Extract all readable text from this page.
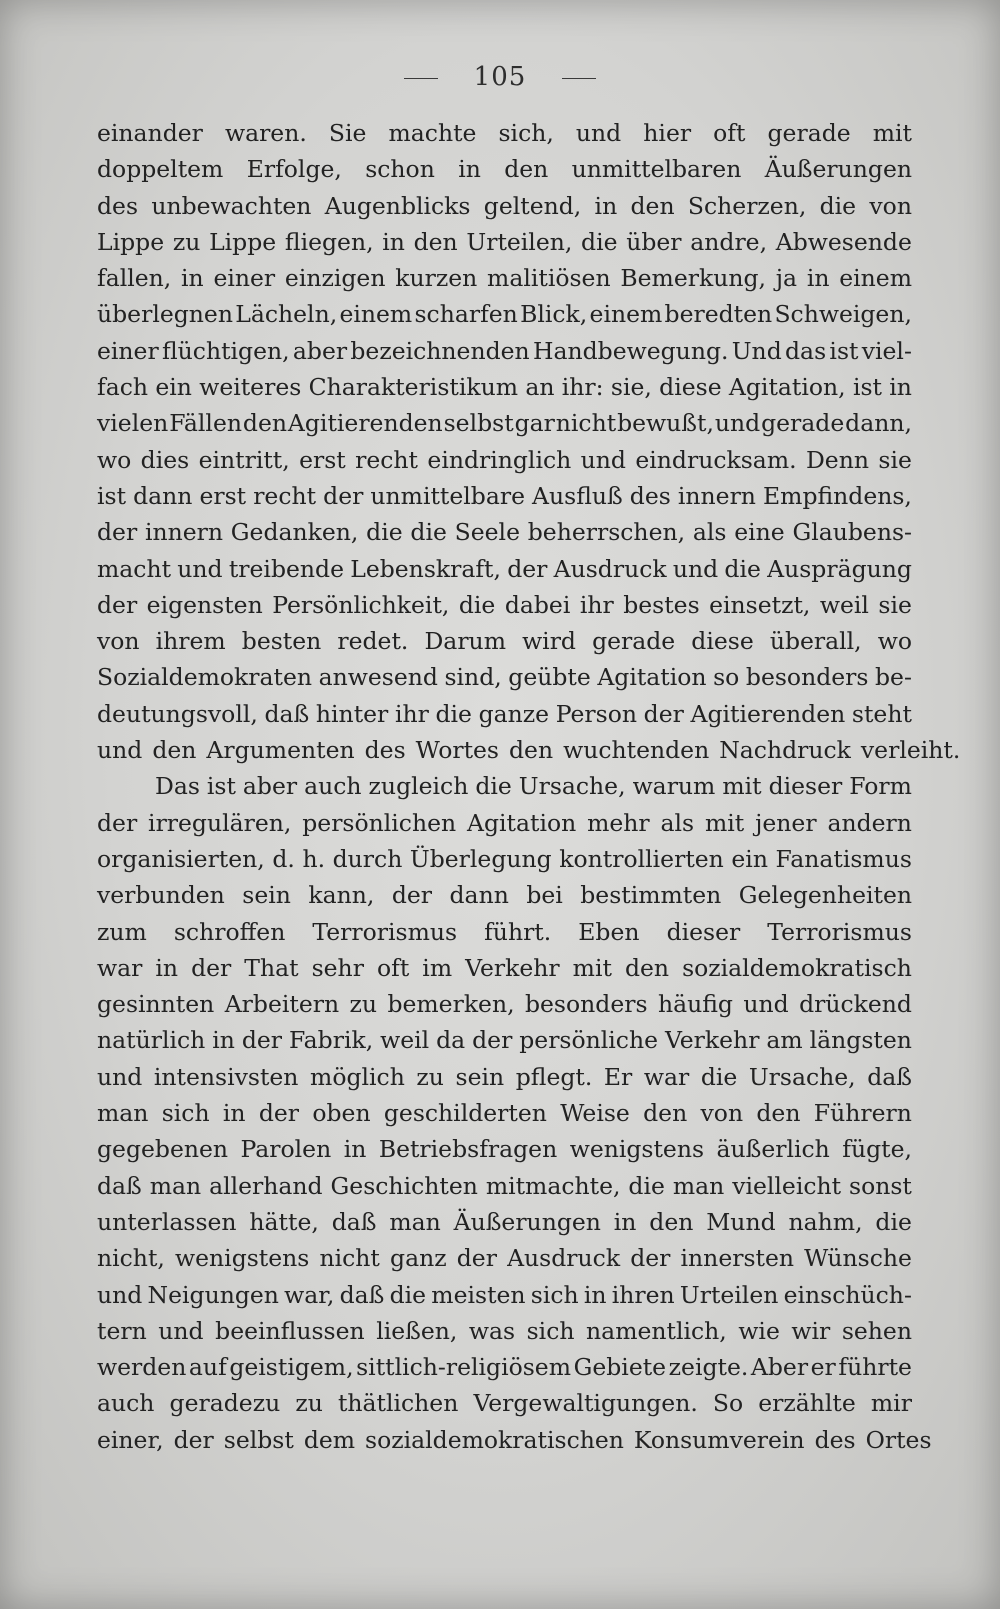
105
einander waren. Sie machte sich, und hier oft gerade mit
doppeltem Erfolge, schon in den unmittelbaren Äußerungen
des unbewachten Augenblicks geltend, in den Scherzen, die von
Lippe zu Lippe fliegen, in den Urteilen, die über andre, Abwesende
fallen, in einer einzigen kurzen malitiösen Bemerkung, ja in einem
überlegnen Lächeln, einem scharfen Blick, einem beredten Schweigen,
einer flüchtigen, aber bezeichnenden Handbewegung. Und das ist viel-
fach ein weiteres Charakteristikum an ihr: sie, diese Agitation, ist in
vielen Fällen den Agitierenden selbst gar nicht bewußt, und gerade dann,
wo dies eintritt, erst recht eindringlich und eindrucksam. Denn sie
ist dann erst recht der unmittelbare Ausfluß des innern Empfindens,
der innern Gedanken, die die Seele beherrschen, als eine Glaubens-
macht und treibende Lebenskraft, der Ausdruck und die Ausprägung
der eigensten Persönlichkeit, die dabei ihr bestes einsetzt, weil sie
von ihrem besten redet. Darum wird gerade diese überall, wo
Sozialdemokraten anwesend sind, geübte Agitation so besonders be-
deutungsvoll, daß hinter ihr die ganze Person der Agitierenden steht
und den Argumenten des Wortes den wuchtenden Nachdruck verleiht.
Das ist aber auch zugleich die Ursache, warum mit dieser Form
der irregulären, persönlichen Agitation mehr als mit jener andern
organisierten, d. h. durch Überlegung kontrollierten ein Fanatismus
verbunden sein kann, der dann bei bestimmten Gelegenheiten
zum schroffen Terrorismus führt. Eben dieser Terrorismus
war in der That sehr oft im Verkehr mit den sozialdemokratisch
gesinnten Arbeitern zu bemerken, besonders häufig und drückend
natürlich in der Fabrik, weil da der persönliche Verkehr am längsten
und intensivsten möglich zu sein pflegt. Er war die Ursache, daß
man sich in der oben geschilderten Weise den von den Führern
gegebenen Parolen in Betriebsfragen wenigstens äußerlich fügte,
daß man allerhand Geschichten mitmachte, die man vielleicht sonst
unterlassen hätte, daß man Äußerungen in den Mund nahm, die
nicht, wenigstens nicht ganz der Ausdruck der innersten Wünsche
und Neigungen war, daß die meisten sich in ihren Urteilen einschüch-
tern und beeinflussen ließen, was sich namentlich, wie wir sehen
werden auf geistigem, sittlich-religiösem Gebiete zeigte. Aber er führte
auch geradezu zu thätlichen Vergewaltigungen. So erzählte mir
einer, der selbst dem sozialdemokratischen Konsumverein des Ortes
